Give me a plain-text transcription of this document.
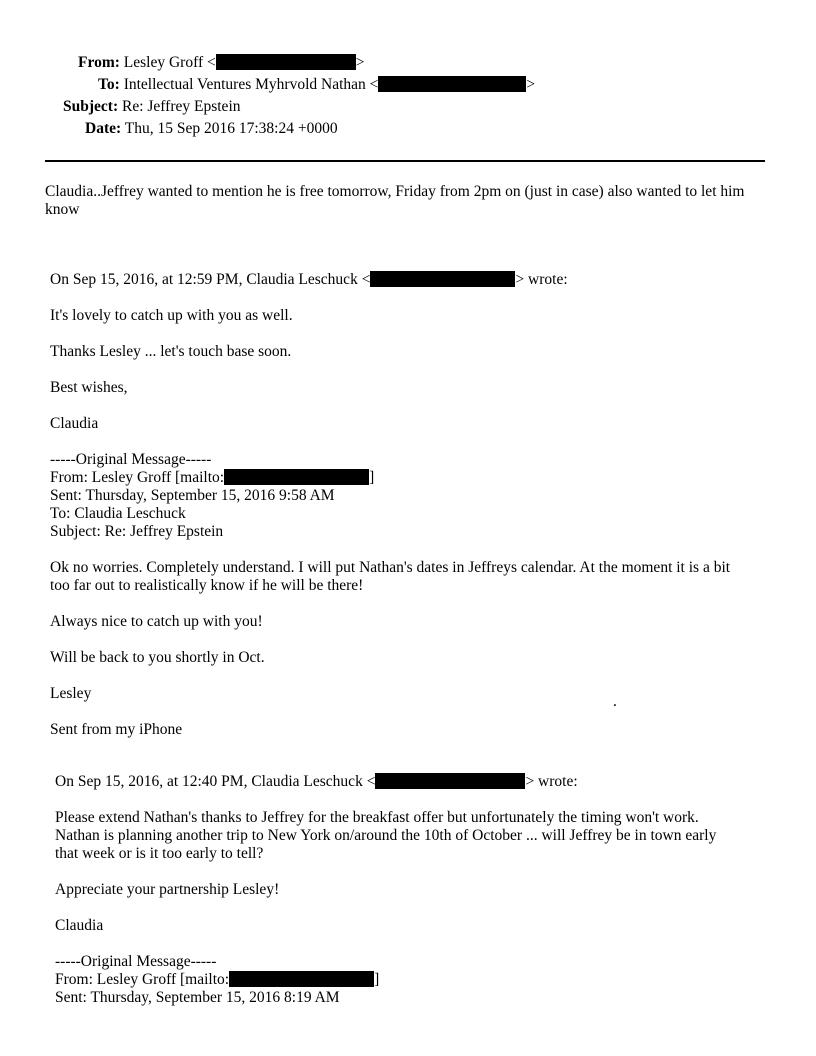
From: Lesley Groff <	>
To: Intellectual Ventures Myhrvold Nathan <	>
Subject: Re: Jeffrey Epstein
Date: Thu, 15 Sep 2016 17:38:24 +0000
Claudia..Jeffrey wanted to mention he is free tomorrow, Friday from 2pm on (just in case) also wanted to let him
know
On Sep 15, 2016, at 12:59 PM, Claudia Leschuck <	> wrote:
It's lovely to catch up with you as well.
Thanks Lesley ... let's touch base soon.
Best wishes,
Claudia
-----Original Message-----
From: Lesley Groff [mailto:	]
Sent: Thursday, September 15, 2016 9:58 AM
To: Claudia Leschuck
Subject: Re: Jeffrey Epstein
Ok no worries. Completely understand. I will put Nathan's dates in Jeffreys calendar. At the moment it is a bit
too far out to realistically know if he will be there!
Always nice to catch up with you!
Will be back to you shortly in Oct.
Lesley	.
Sent from my iPhone
On Sep 15, 2016, at 12:40 PM, Claudia Leschuck <	> wrote:
Please extend Nathan's thanks to Jeffrey for the breakfast offer but unfortunately the timing won't work.
Nathan is planning another trip to New York on/around the 10th of October ... will Jeffrey be in town early
that week or is it too early to tell?
Appreciate your partnership Lesley!
Claudia
-----Original Message-----
From: Lesley Groff [mailto:	]
Sent: Thursday, September 15, 2016 8:19 AM
